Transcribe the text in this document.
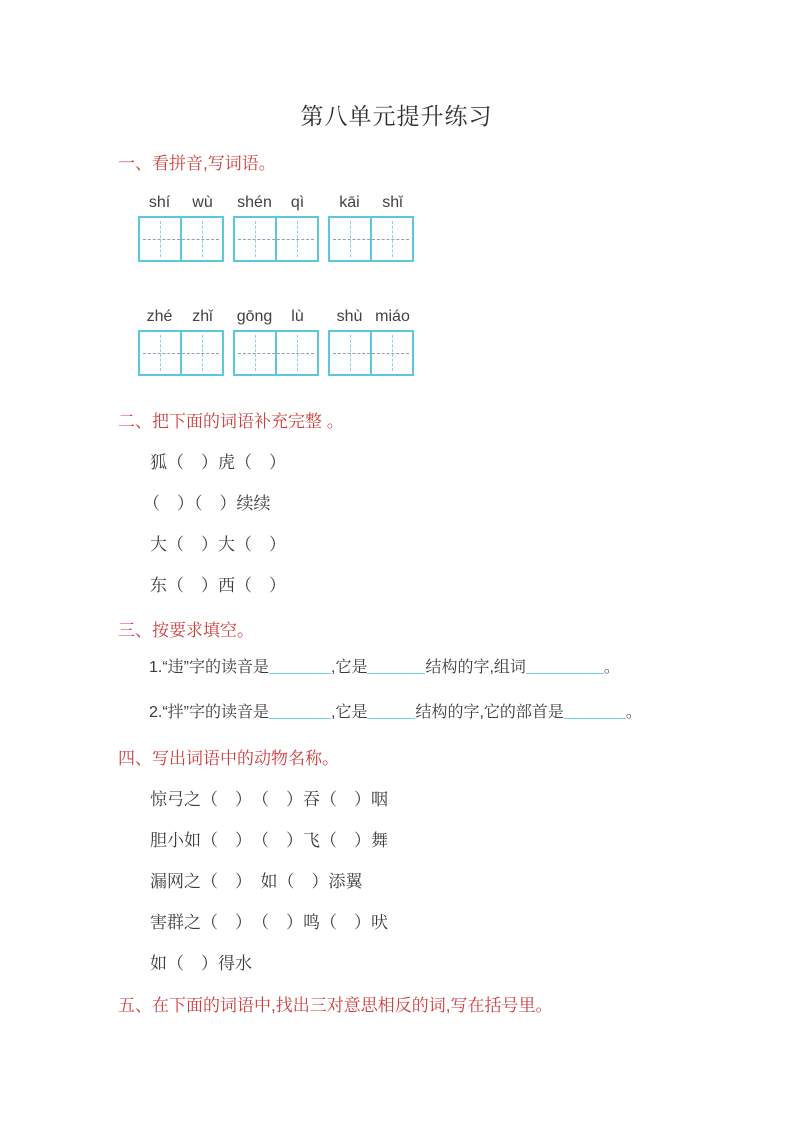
第八单元提升练习
一、看拼音,写词语。
shí	wù	shén	qì	kāi	shǐ
zhé	zhǐ	gōng	lù	shù miáo
二、把下面的词语补充完整 。
狐（　）虎（　）
（　）（　）续续
大（　）大（　）
东（　）西（　）
三、按要求填空。
1.“违”字的读音是	,它是	结构的字,组词	。
2.“拌”字的读音是	,它是	结构的字,它的部首是	。
四、写出词语中的动物名称。
惊弓之（　）　（　）吞（　）咽
胆小如（　）　（　）飞（　）舞
漏网之（　）　如（　）添翼
害群之（　）　（　）鸣（　）吠
如（　）得水
五、在下面的词语中,找出三对意思相反的词,写在括号里。
